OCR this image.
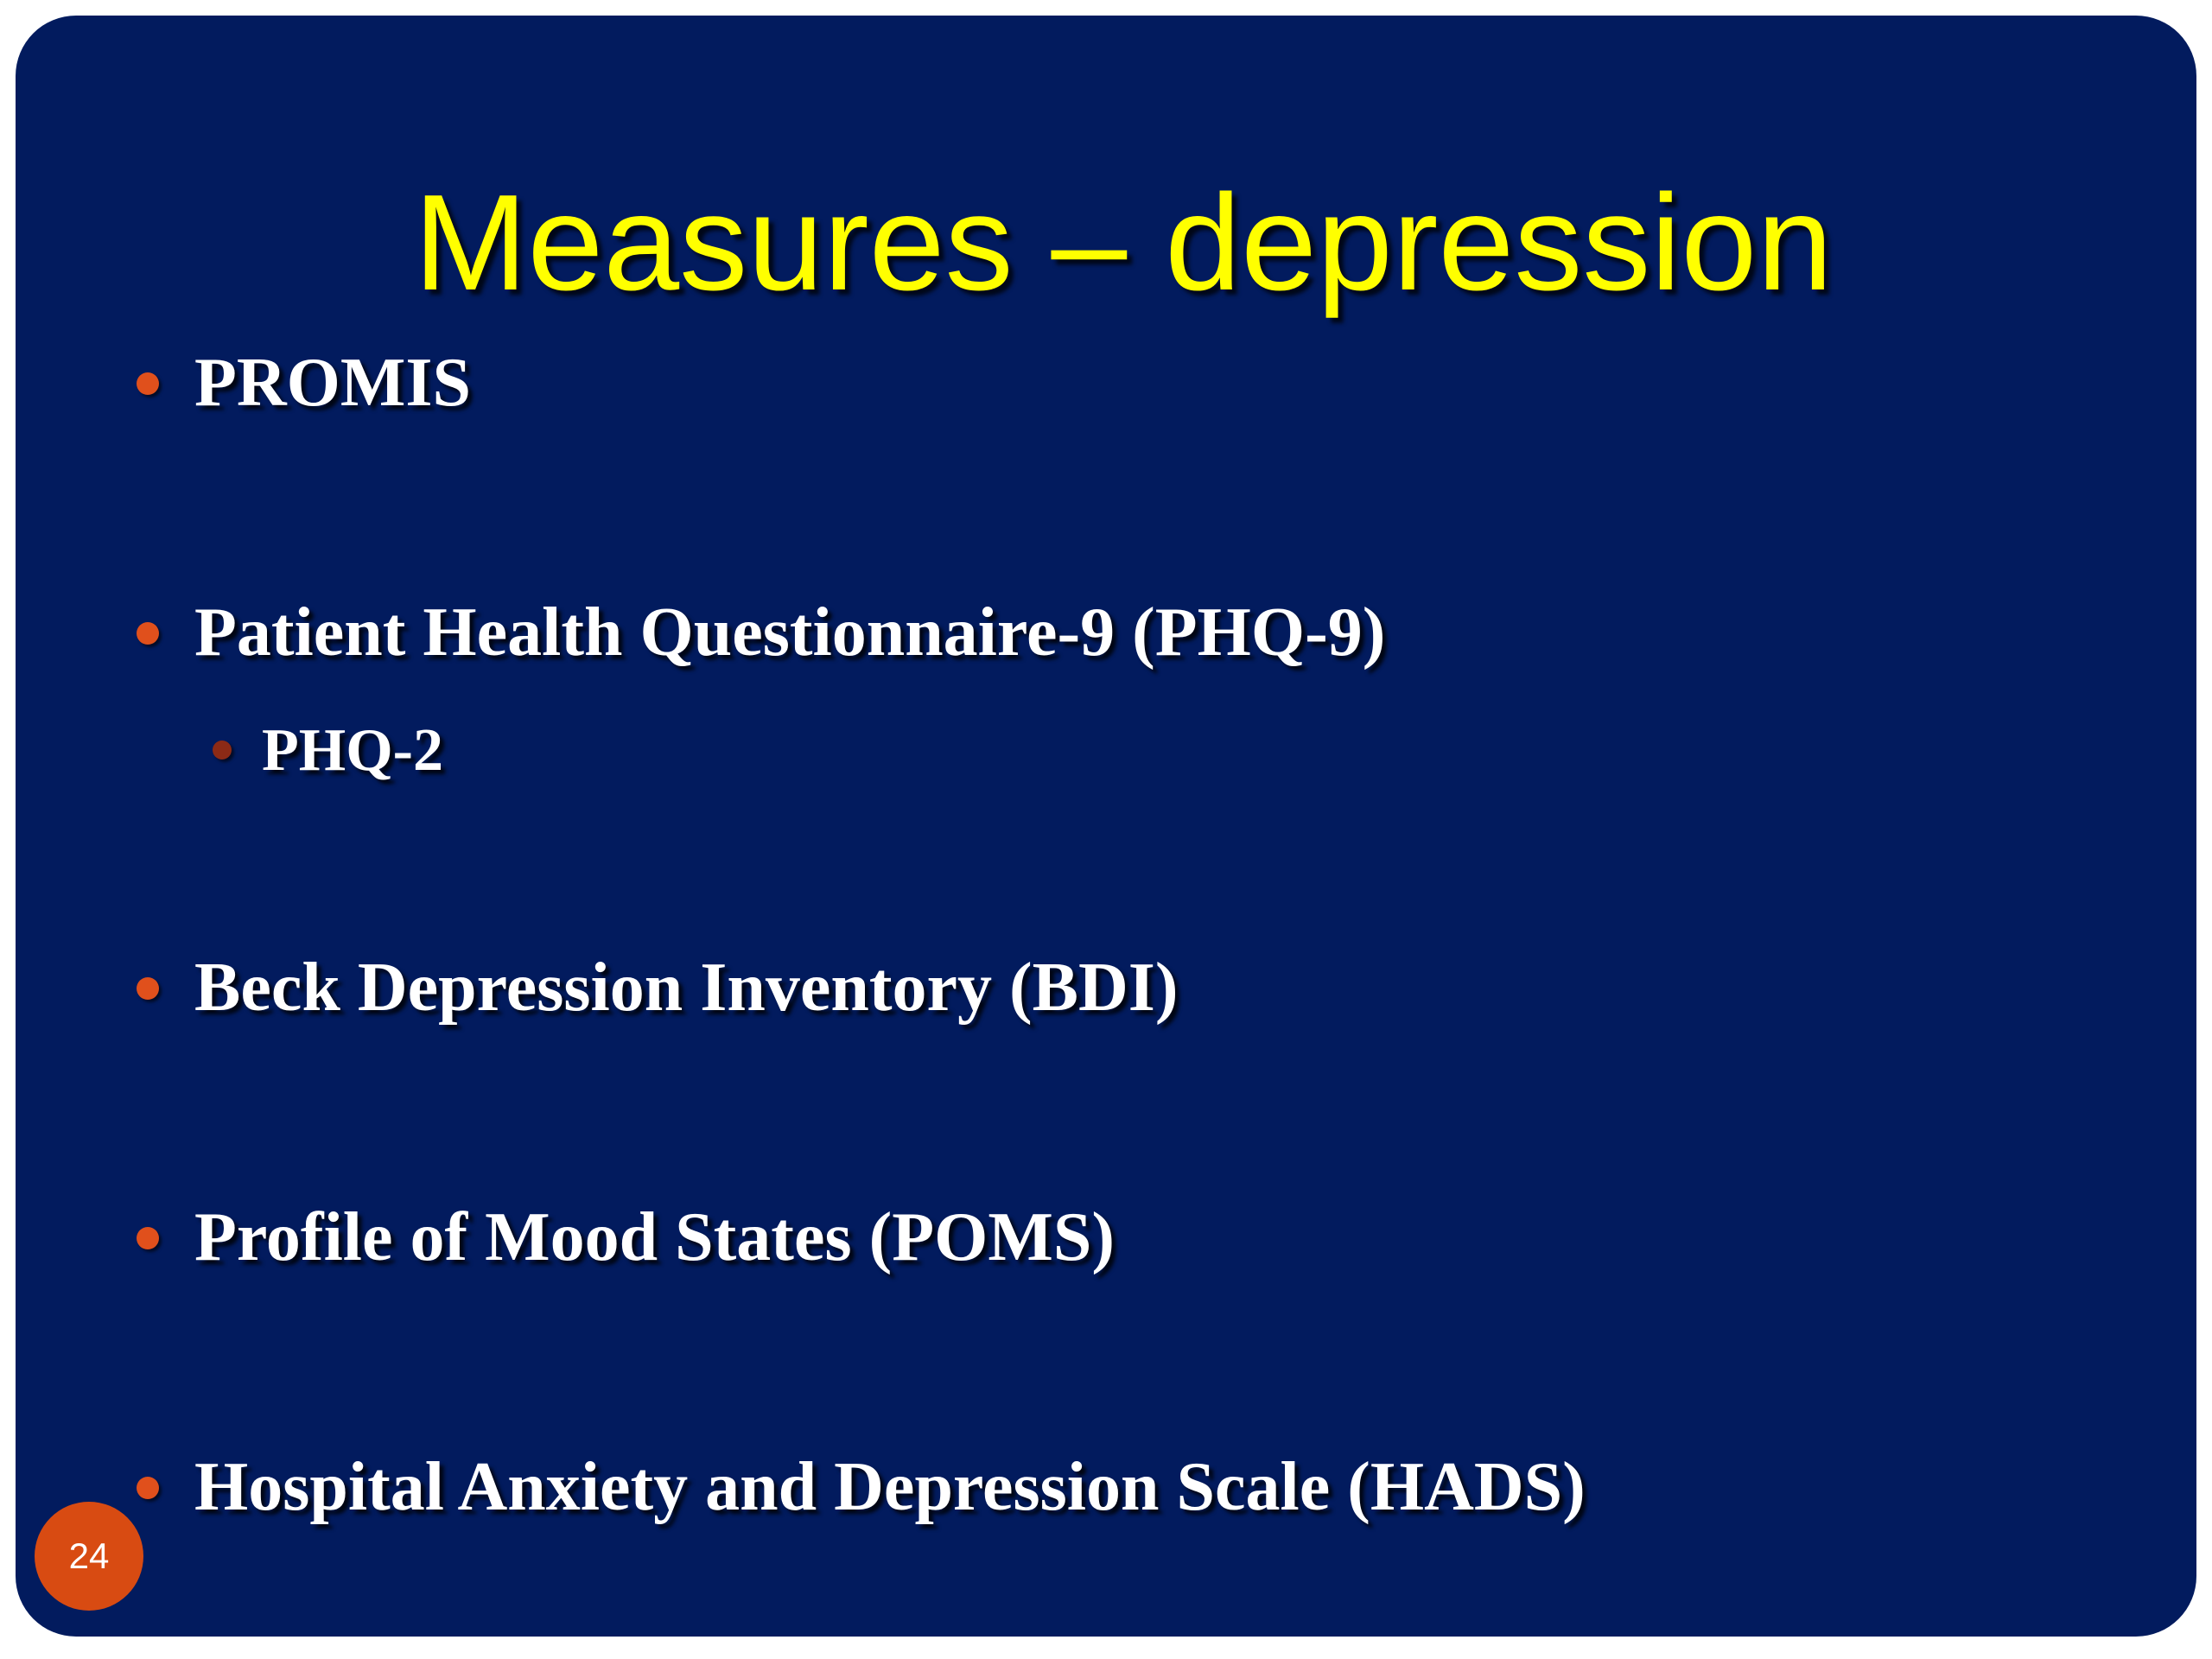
Measures – depression
PROMIS
Patient Health Questionnaire-9 (PHQ-9)
PHQ-2
Beck Depression Inventory (BDI)
Profile of Mood States (POMS)
Hospital Anxiety and Depression Scale (HADS)
24
